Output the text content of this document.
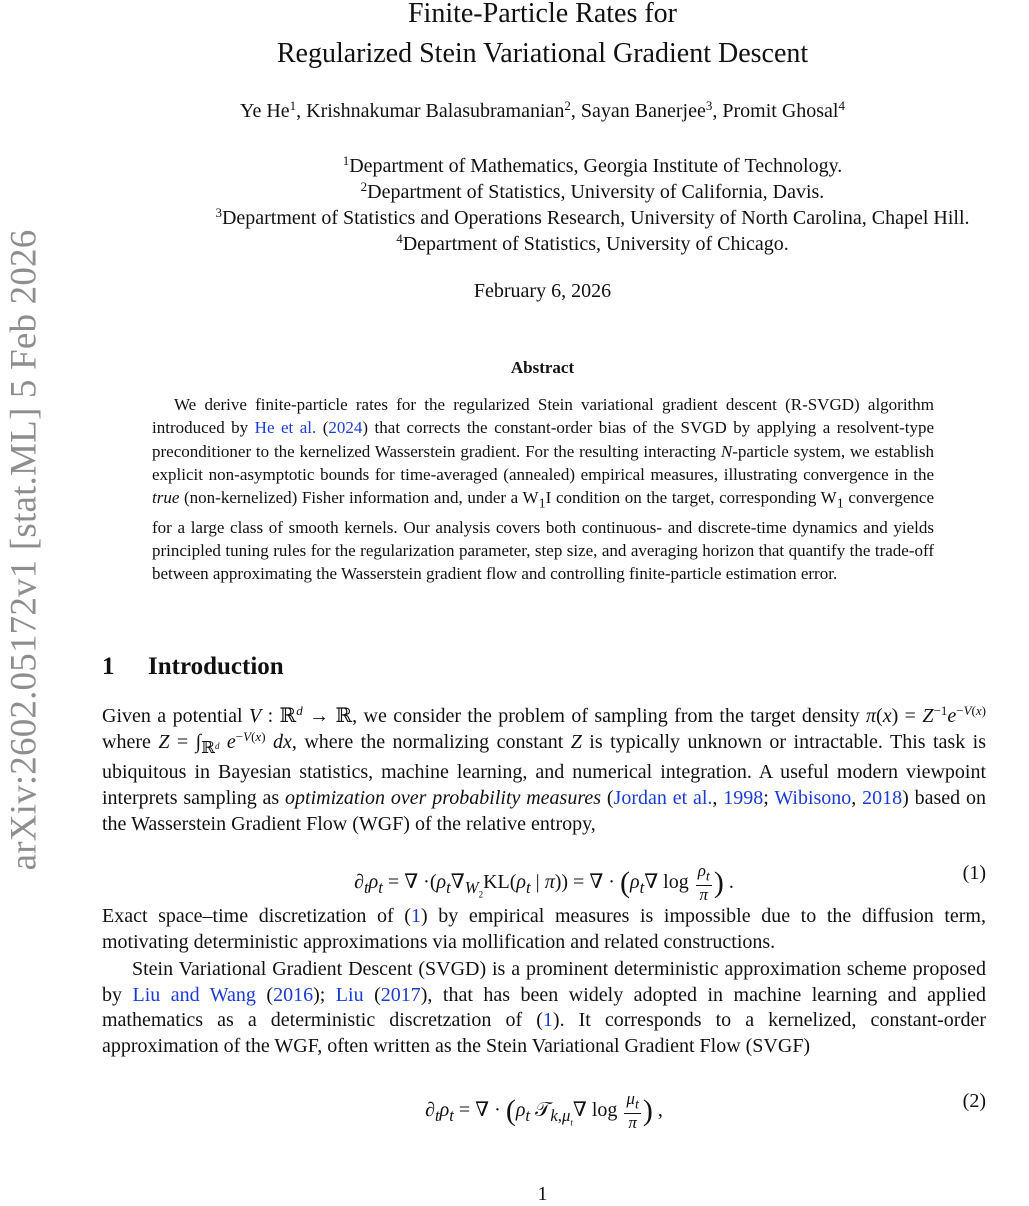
arXiv:2602.05172v1 [stat.ML] 5 Feb 2026
Finite-Particle Rates for
Regularized Stein Variational Gradient Descent
Ye He$^1$, Krishnakumar Balasubramanian$^2$, Sayan Banerjee$^3$, Promit Ghosal$^4$
$^1$Department of Mathematics, Georgia Institute of Technology.
$^2$Department of Statistics, University of California, Davis.
$^3$Department of Statistics and Operations Research, University of North Carolina, Chapel Hill.
$^4$Department of Statistics, University of Chicago.
February 6, 2026
Abstract
We derive finite-particle rates for the regularized Stein variational gradient descent (R-SVGD) algorithm introduced by He et al. (2024) that corrects the constant-order bias of the SVGD by applying a resolvent-type preconditioner to the kernelized Wasserstein gradient. For the resulting interacting N-particle system, we establish explicit non-asymptotic bounds for time-averaged (annealed) empirical measures, illustrating convergence in the true (non-kernelized) Fisher information and, under a $W_1I$ condition on the target, corresponding $W_1$ convergence for a large class of smooth kernels. Our analysis covers both continuous- and discrete-time dynamics and yields principled tuning rules for the regularization parameter, step size, and averaging horizon that quantify the trade-off between approximating the Wasserstein gradient flow and controlling finite-particle estimation error.
1 Introduction
Given a potential V : ℝ$^d$ → ℝ, we consider the problem of sampling from the target density $\pi(x) = Z^{-1}e^{-V(x)}$ where $Z = \int_{ℝ^d}$ $e^{-V(x)}$ dx, where the normalizing constant Z is typically unknown or intractable. This task is ubiquitous in Bayesian statistics, machine learning, and numerical integration. A useful modern viewpoint interprets sampling as optimization over probability measures (Jordan et al., 1998; Wibisono, 2018) based on the Wasserstein Gradient Flow (WGF) of the relative entropy,
$\partial_t\rho_t$ = ∇ $\cdot(\rho_t\nabla_{W_2}KL(\rho_t$ | π)) = ∇ · ($\rho_t\nabla$ $\log \frac{\rho_t}{\pi}$ ) .	(1)
Exact space–time discretization of (1) by empirical measures is impossible due to the diffusion term, motivating deterministic approximations via mollification and related constructions.
Stein Variational Gradient Descent (SVGD) is a prominent deterministic approximation scheme proposed by Liu and Wang (2016); Liu (2017), that has been widely adopted in machine learning and applied mathematics as a deterministic discretzation of (1). It corresponds to a kernelized, constant-order approximation of the WGF, often written as the Stein Variational Gradient Flow (SVGF)
$\partial_t\rho_t$ = ∇ · ($\rho_t$ 𝒯$_{k,\mu_t}$∇ $\log \frac{\mu_t}{\pi}$ ) ,	(2)
1
